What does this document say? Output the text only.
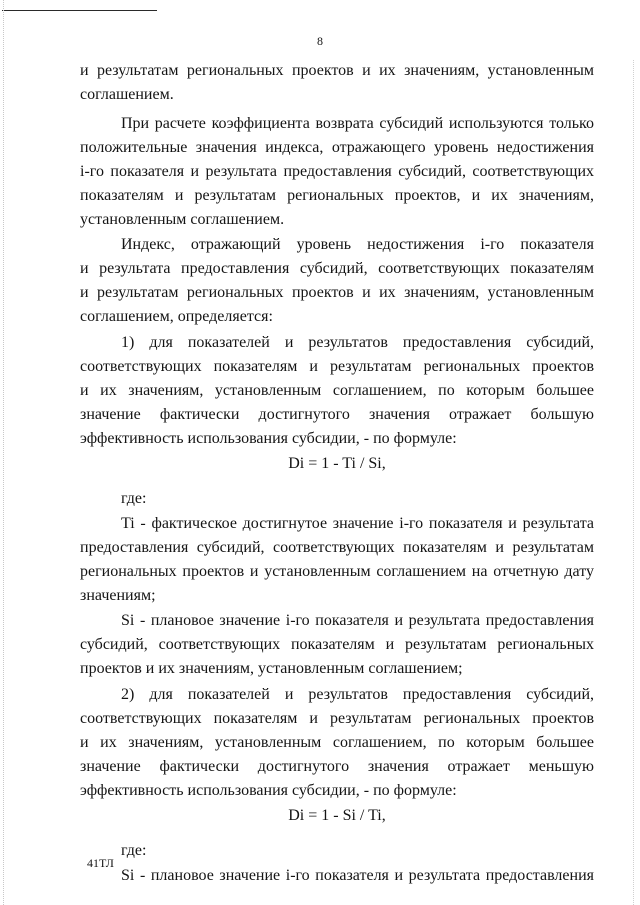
8
и результатам региональных проектов и их значениям, установленным
соглашением.
При расчете коэффициента возврата субсидий используются только
положительные значения индекса, отражающего уровень недостижения
i-го показателя и результата предоставления субсидий, соответствующих
показателям и результатам региональных проектов, и их значениям,
установленным соглашением.
Индекс, отражающий уровень недостижения i-го показателя
и результата предоставления субсидий, соответствующих показателям
и результатам региональных проектов и их значениям, установленным
соглашением, определяется:
1) для показателей и результатов предоставления субсидий,
соответствующих показателям и результатам региональных проектов
и их значениям, установленным соглашением, по которым большее
значение фактически достигнутого значения отражает большую
эффективность использования субсидии, - по формуле:
Di = 1 - Ti / Si,
где:
Ti - фактическое достигнутое значение i-го показателя и результата
предоставления субсидий, соответствующих показателям и результатам
региональных проектов и установленным соглашением на отчетную дату
значениям;
Si - плановое значение i-го показателя и результата предоставления
субсидий, соответствующих показателям и результатам региональных
проектов и их значениям, установленным соглашением;
2) для показателей и результатов предоставления субсидий,
соответствующих показателям и результатам региональных проектов
и их значениям, установленным соглашением, по которым большее
значение фактически достигнутого значения отражает меньшую
эффективность использования субсидии, - по формуле:
Di = 1 - Si / Ti,
где:
Si - плановое значение i-го показателя и результата предоставления
41ТЛ
